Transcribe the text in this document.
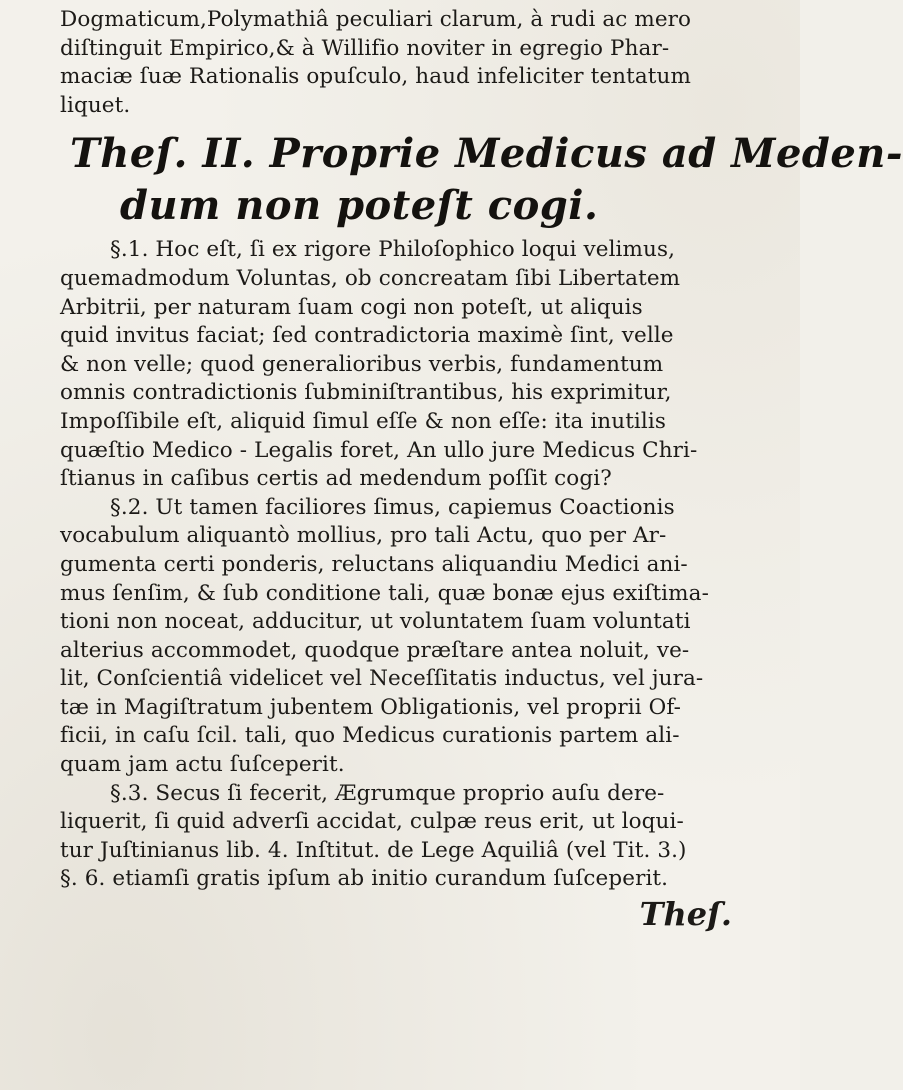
Dogmaticum,Polymathiâ peculiari clarum, à rudi ac mero
diſtinguit Empirico,& à Willifio noviter in egregio Phar-
maciæ ſuæ Rationalis opuſculo, haud infeliciter tentatum
liquet.
Theſ. II. Proprie Medicus ad Meden-
dum non poteſt cogi.
§.1. Hoc eſt, ſi ex rigore Philoſophico loqui velimus,
quemadmodum Voluntas, ob concreatam ſibi Libertatem
Arbitrii, per naturam ſuam cogi non poteſt, ut aliquis
quid invitus faciat; ſed contradictoria maximè ſint, velle
& non velle; quod generalioribus verbis, fundamentum
omnis contradictionis ſubminiſtrantibus, his exprimitur,
Impoſſibile eſt, aliquid ſimul eſſe & non eſſe: ita inutilis
quæſtio Medico - Legalis foret, An ullo jure Medicus Chri-
ſtianus in caſibus certis ad medendum poſſit cogi?
§.2. Ut tamen faciliores ſimus, capiemus Coactionis
vocabulum aliquantò mollius, pro tali Actu, quo per Ar-
gumenta certi ponderis, reluctans aliquandiu Medici ani-
mus ſenſim, & ſub conditione tali, quæ bonæ ejus exiſtima-
tioni non noceat, adducitur, ut voluntatem ſuam voluntati
alterius accommodet, quodque præſtare antea noluit, ve-
lit, Conſcientiâ videlicet vel Neceſſitatis inductus, vel jura-
tæ in Magiſtratum jubentem Obligationis, vel proprii Of-
ficii, in caſu ſcil. tali, quo Medicus curationis partem ali-
quam jam actu ſuſceperit.
§.3. Secus ſi fecerit, Ægrumque proprio auſu dere-
liquerit, ſi quid adverſi accidat, culpæ reus erit, ut loqui-
tur Juſtinianus lib. 4. Inſtitut. de Lege Aquiliâ (vel Tit. 3.)
§. 6. etiamſi gratis ipſum ab initio curandum ſuſceperit.
Theſ.
